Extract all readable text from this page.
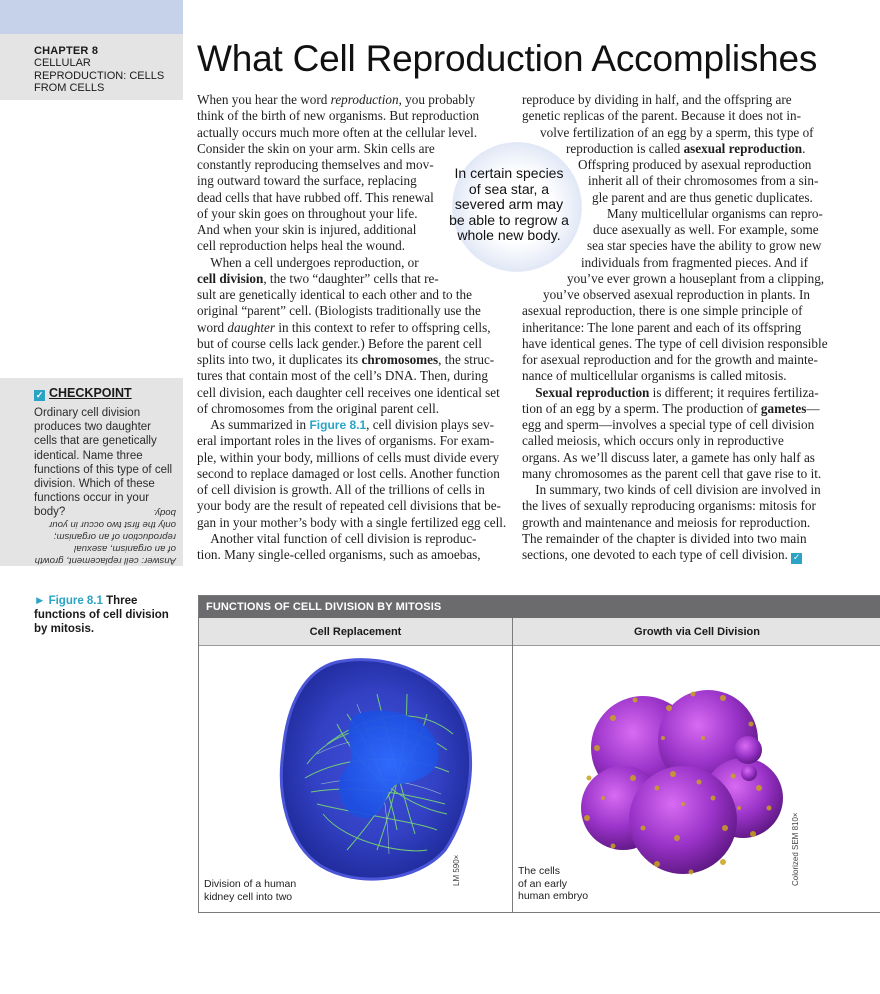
CHAPTER 8
CELLULAR REPRODUCTION: CELLS FROM CELLS
✓ CHECKPOINT
Ordinary cell division produces two daughter cells that are genetically identical. Name three functions of this type of cell division. Which of these functions occur in your body?
Answer: cell replacement, growth of an organism, asexual reproduction of an organism; only the first two occur in your body.
► Figure 8.1 Three functions of cell division by mitosis.
What Cell Reproduction Accomplishes
When you hear the word reproduction, you probably
think of the birth of new organisms. But reproduction
actually occurs much more often at the cellular level.
Consider the skin on your arm. Skin cells are
constantly reproducing themselves and mov-
ing outward toward the surface, replacing
dead cells that have rubbed off. This renewal
of your skin goes on throughout your life.
And when your skin is injured, additional
cell reproduction helps heal the wound.
When a cell undergoes reproduction, or
cell division, the two “daughter” cells that re-
sult are genetically identical to each other and to the
original “parent” cell. (Biologists traditionally use the
word daughter in this context to refer to offspring cells,
but of course cells lack gender.) Before the parent cell
splits into two, it duplicates its chromosomes, the struc-
tures that contain most of the cell’s DNA. Then, during
cell division, each daughter cell receives one identical set
of chromosomes from the original parent cell.
As summarized in Figure 8.1, cell division plays sev-
eral important roles in the lives of organisms. For exam-
ple, within your body, millions of cells must divide every
second to replace damaged or lost cells. Another function
of cell division is growth. All of the trillions of cells in
your body are the result of repeated cell divisions that be-
gan in your mother’s body with a single fertilized egg cell.
Another vital function of cell division is reproduc-
tion. Many single-celled organisms, such as amoebas,
reproduce by dividing in half, and the offspring are
genetic replicas of the parent. Because it does not in-
volve fertilization of an egg by a sperm, this type of
reproduction is called asexual reproduction.
Offspring produced by asexual reproduction
inherit all of their chromosomes from a sin-
gle parent and are thus genetic duplicates.
Many multicellular organisms can repro-
duce asexually as well. For example, some
sea star species have the ability to grow new
individuals from fragmented pieces. And if
you’ve ever grown a houseplant from a clipping,
you’ve observed asexual reproduction in plants. In
asexual reproduction, there is one simple principle of
inheritance: The lone parent and each of its offspring
have identical genes. The type of cell division responsible
for asexual reproduction and for the growth and mainte-
nance of multicellular organisms is called mitosis.
Sexual reproduction is different; it requires fertiliza-
tion of an egg by a sperm. The production of gametes—
egg and sperm—involves a special type of cell division
called meiosis, which occurs only in reproductive
organs. As we’ll discuss later, a gamete has only half as
many chromosomes as the parent cell that gave rise to it.
In summary, two kinds of cell division are involved in
the lives of sexually reproducing organisms: mitosis for
growth and maintenance and meiosis for reproduction.
The remainder of the chapter is divided into two main
sections, one devoted to each type of cell division. ✓
In certain species of sea star, a severed arm may be able to regrow a whole new body.
FUNCTIONS OF CELL DIVISION BY MITOSIS
Cell Replacement	Growth via Cell Division
Division of a human
kidney cell into two
LM 590×	The cells
of an early
human embryo
Colorized SEM 810×
